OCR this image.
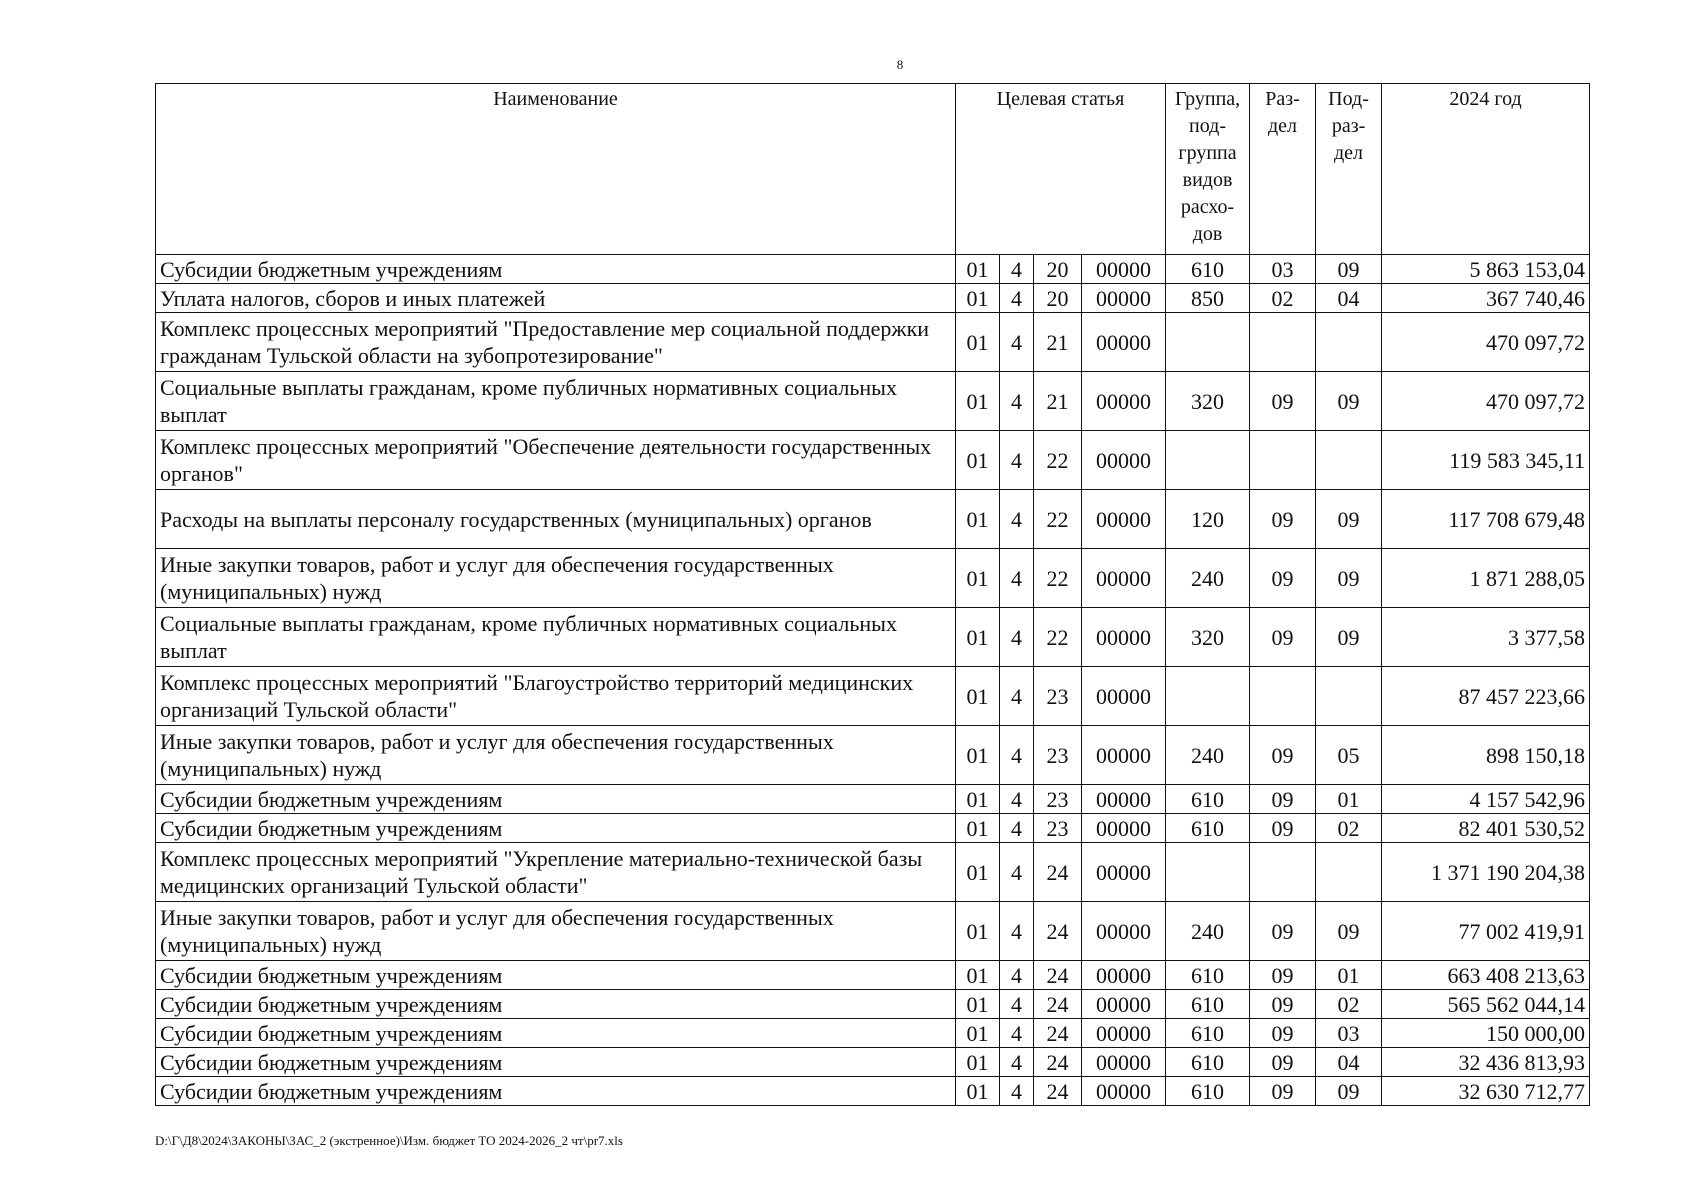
8
Наименование	Целевая статья				Группа, под- группа видов расхо- дов	Раз- дел	Под- раз- дел	2024 год
Субсидии бюджетным учреждениям	01	4	20	00000	610	03	09	5 863 153,04
Уплата налогов, сборов и иных платежей	01	4	20	00000	850	02	04	367 740,46
Комплекс процессных мероприятий "Предоставление мер социальной поддержки гражданам Тульской области на зубопротезирование"	01	4	21	00000				470 097,72
Социальные выплаты гражданам, кроме публичных нормативных социальных выплат	01	4	21	00000	320	09	09	470 097,72
Комплекс процессных мероприятий "Обеспечение деятельности государственных органов"	01	4	22	00000				119 583 345,11
Расходы на выплаты персоналу государственных (муниципальных) органов	01	4	22	00000	120	09	09	117 708 679,48
Иные закупки товаров, работ и услуг для обеспечения государственных (муниципальных) нужд	01	4	22	00000	240	09	09	1 871 288,05
Социальные выплаты гражданам, кроме публичных нормативных социальных выплат	01	4	22	00000	320	09	09	3 377,58
Комплекс процессных мероприятий "Благоустройство территорий медицинских организаций Тульской области"	01	4	23	00000				87 457 223,66
Иные закупки товаров, работ и услуг для обеспечения государственных (муниципальных) нужд	01	4	23	00000	240	09	05	898 150,18
Субсидии бюджетным учреждениям	01	4	23	00000	610	09	01	4 157 542,96
Субсидии бюджетным учреждениям	01	4	23	00000	610	09	02	82 401 530,52
Комплекс процессных мероприятий "Укрепление материально-технической базы медицинских организаций Тульской области"	01	4	24	00000				1 371 190 204,38
Иные закупки товаров, работ и услуг для обеспечения государственных (муниципальных) нужд	01	4	24	00000	240	09	09	77 002 419,91
Субсидии бюджетным учреждениям	01	4	24	00000	610	09	01	663 408 213,63
Субсидии бюджетным учреждениям	01	4	24	00000	610	09	02	565 562 044,14
Субсидии бюджетным учреждениям	01	4	24	00000	610	09	03	150 000,00
Субсидии бюджетным учреждениям	01	4	24	00000	610	09	04	32 436 813,93
Субсидии бюджетным учреждениям	01	4	24	00000	610	09	09	32 630 712,77
D:\Г\Д8\2024\ЗАКОНЫ\ЗАС_2 (экстренное)\Изм. бюджет ТО 2024-2026_2 чт\pr7.xls
